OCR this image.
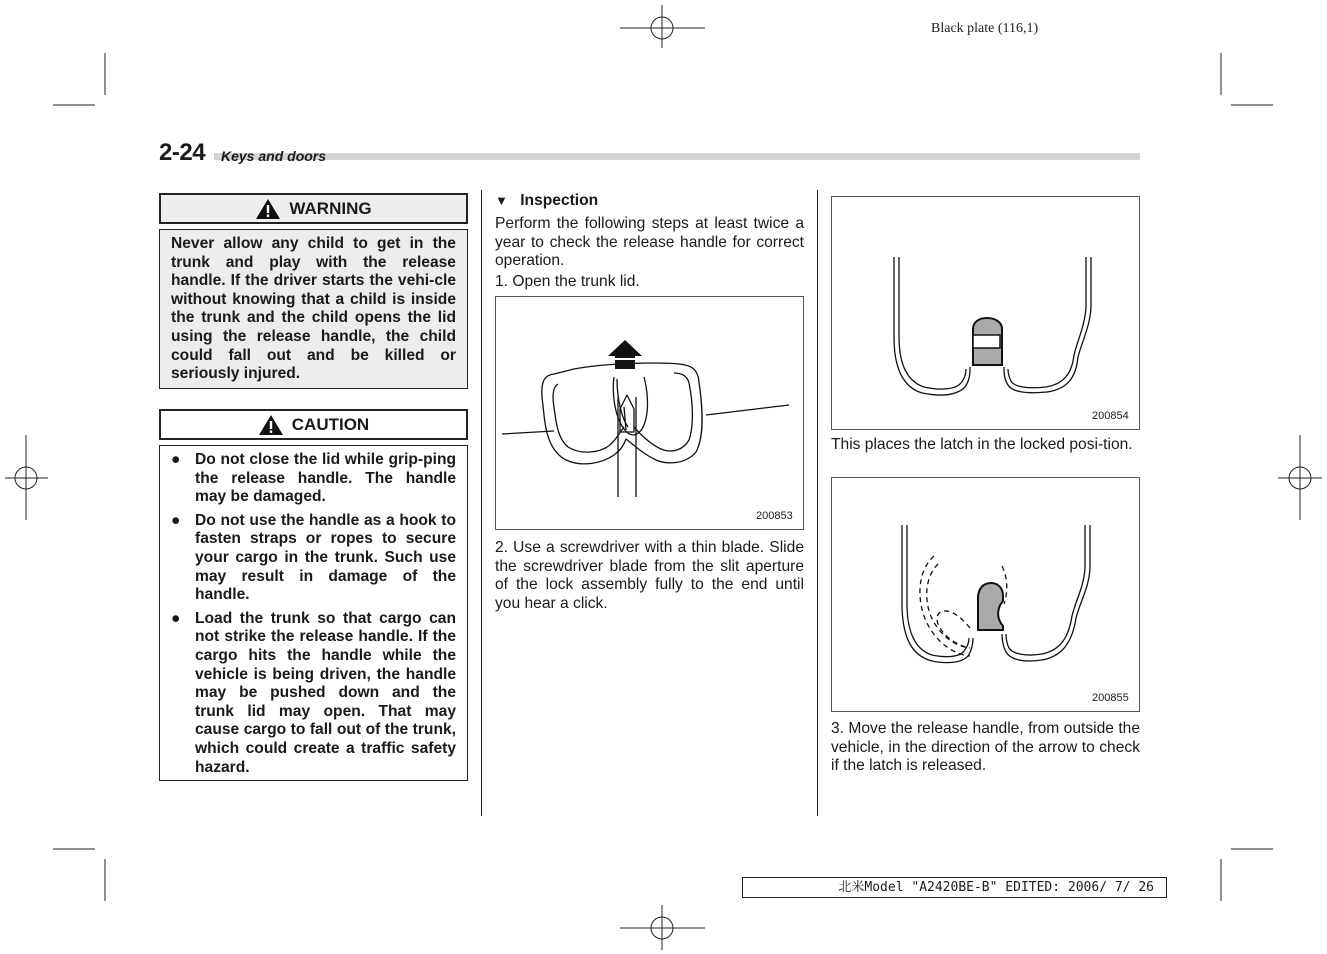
Black plate (116,1)
2-24 Keys and doors
WARNING
Never allow any child to get in the trunk and play with the release handle. If the driver starts the vehi-cle without knowing that a child is inside the trunk and the child opens the lid using the release handle, the child could fall out and be killed or seriously injured.
CAUTION
● Do not close the lid while grip-ping the release handle. The handle may be damaged.
● Do not use the handle as a hook to fasten straps or ropes to secure your cargo in the trunk. Such use may result in damage of the handle.
● Load the trunk so that cargo can not strike the release handle. If the cargo hits the handle while the vehicle is being driven, the handle may be pushed down and the trunk lid may open. That may cause cargo to fall out of the trunk, which could create a traffic safety hazard.
▼ Inspection
Perform the following steps at least twice a year to check the release handle for correct operation.
1. Open the trunk lid.
200853
2. Use a screwdriver with a thin blade. Slide the screwdriver blade from the slit aperture of the lock assembly fully to the end until you hear a click.
200854
This places the latch in the locked posi-tion.
200855
3. Move the release handle, from outside the vehicle, in the direction of the arrow to check if the latch is released.
北米Model "A2420BE-B" EDITED: 2006/ 7/ 26
